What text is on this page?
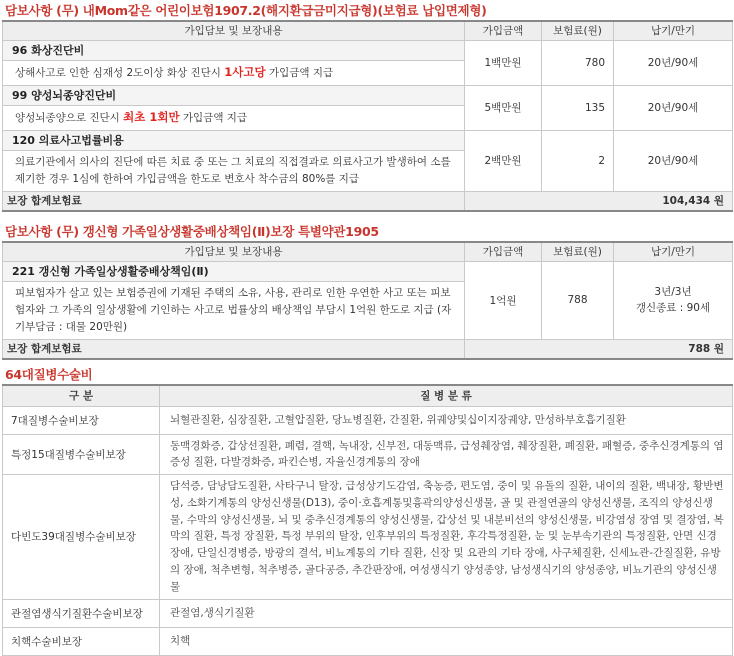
담보사항 (무) 내Mom같은 어린이보험1907.2(해지환급금미지급형)(보험료 납입면제형)
가입담보 및 보장내용	가입금액	보험료(원)	납기/만기
96 화상진단비	1백만원	780	20년/90세
상해사고로 인한 심재성 2도이상 화상 진단시 1사고당 가입금액 지급			
99 양성뇌종양진단비	5백만원	135	20년/90세
양성뇌종양으로 진단시 최초 1회만 가입금액 지급			
120 의료사고법률비용	2백만원	2	20년/90세
의료기관에서 의사의 진단에 따른 치료 중 또는 그 치료의 직접결과로 의료사고가 발생하여 소를 제기한 경우 1심에 한하여 가입금액을 한도로 변호사 착수금의 80%를 지급			
보장 합계보험료	104,434 원		
담보사항 (무) 갱신형 가족일상생활중배상책임(Ⅱ)보장 특별약관1905
가입담보 및 보장내용	가입금액	보험료(원)	납기/만기
221 갱신형 가족일상생활중배상책임(Ⅱ)	1억원	788	3년/3년
갱신종료 : 90세

피보험자가 살고 있는 보험증권에 기재된 주택의 소유, 사용, 관리로 인한 우연한 사고 또는 피보험자와 그 가족의 일상생활에 기인하는 사고로 법률상의 배상책임 부담시 1억원 한도로 지급 (자기부담금 : 대물 20만원)			
보장 합계보험료	788 원		
64대질병수술비
구 분	질 병 분 류
7대질병수술비보장	뇌혈관질환, 심장질환, 고혈압질환, 당뇨병질환, 간질환, 위궤양및십이지장궤양, 만성하부호흡기질환
특정15대질병수술비보장	동맥경화증, 갑상선질환, 폐렴, 결핵, 녹내장, 신부전, 대동맥류, 급성췌장염, 췌장질환, 폐질환, 패혈증, 중추신경계통의 염증성 질환, 다발경화증, 파킨슨병, 자율신경계통의 장애
다빈도39대질병수술비보장	담석증, 담낭담도질환, 사타구니 탈장, 급성상기도감염, 축농증, 편도염, 중이 및 유돌의 질환, 내이의 질환, 백내장, 황반변성, 소화기계통의 양성신생물(D13), 중이·호흡계통및흉곽의양성신생물, 골 및 관절연골의 양성신생물, 조직의 양성신생물, 수막의 양성신생물, 뇌 및 중추신경계통의 양성신생물, 갑상선 및 내분비선의 양성신생물, 비강염성 장염 및 결장염, 복막의 질환, 특정 장질환, 특정 부위의 탈장, 인후부위의 특정질환, 후각특정질환, 눈 및 눈부속기관의 특정질환, 안면 신경장애, 단일신경병증, 방광의 결석, 비뇨계통의 기타 질환, 신장 및 요관의 기타 장애, 사구체질환, 신세뇨관-간질질환, 유방의 장애, 척추변형, 척추병증, 골다공증, 추간판장애, 여성생식기 양성종양, 남성생식기의 양성종양, 비뇨기관의 양성신생물
관절염생식기질환수술비보장	관절염,생식기질환
치핵수술비보장	치핵
